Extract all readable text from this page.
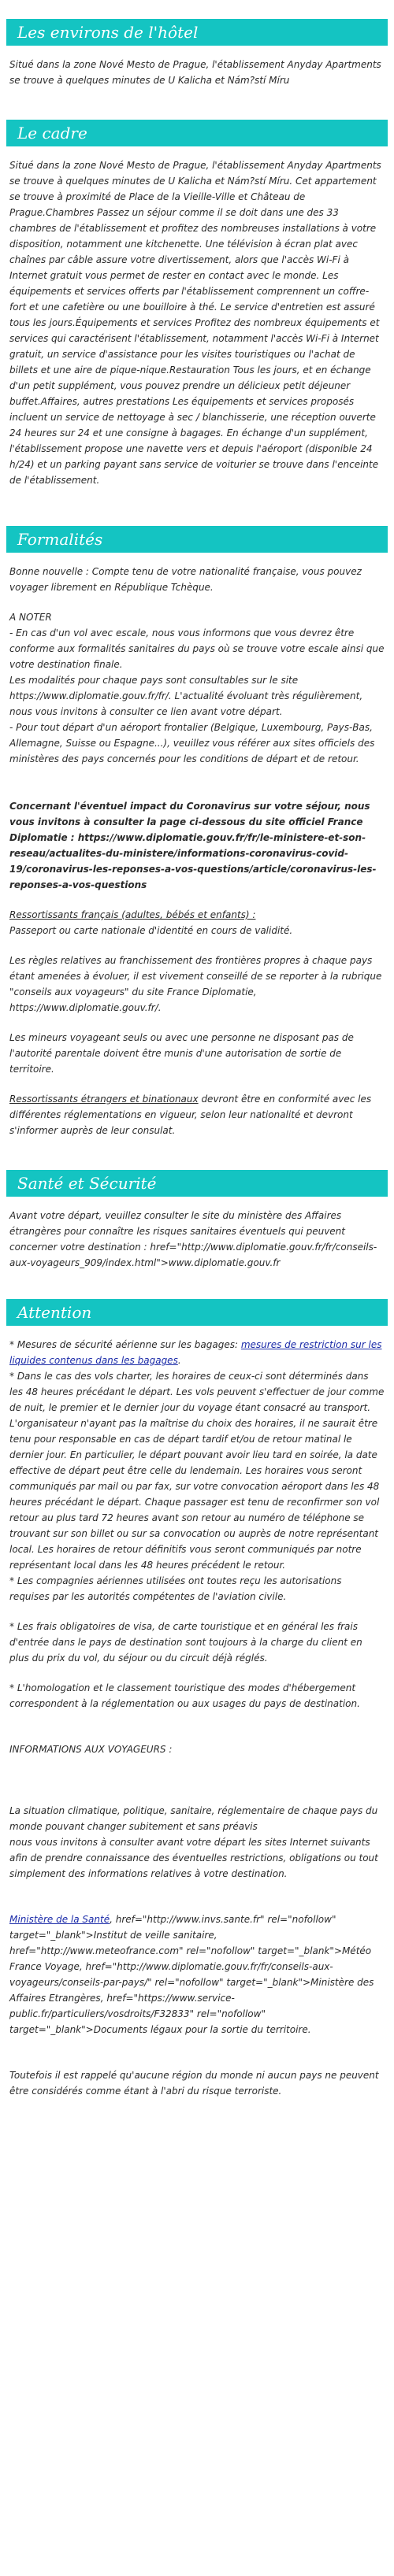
Les environs de l'hôtel

Situé dans la zone Nové Mesto de Prague, l'établissement Anyday Apartments se trouve à quelques minutes de U Kalicha et Nám?stí Míru

Le cadre

Situé dans la zone Nové Mesto de Prague, l'établissement Anyday Apartments se trouve à quelques minutes de U Kalicha et Nám?stí Míru. Cet appartement se trouve à proximité de Place de la Vieille-Ville et Château de Prague.Chambres Passez un séjour comme il se doit dans une des 33 chambres de l'établissement et profitez des nombreuses installations à votre disposition, notamment une kitchenette. Une télévision à écran plat avec chaînes par câble assure votre divertissement, alors que l'accès Wi-Fi à Internet gratuit vous permet de rester en contact avec le monde. Les équipements et services offerts par l'établissement comprennent un coffre-fort et une cafetière ou une bouilloire à thé. Le service d'entretien est assuré tous les jours.Équipements et services Profitez des nombreux équipements et services qui caractérisent l'établissement, notamment l'accès Wi-Fi à Internet gratuit, un service d'assistance pour les visites touristiques ou l'achat de billets et une aire de pique-nique.Restauration Tous les jours, et en échange d'un petit supplément, vous pouvez prendre un délicieux petit déjeuner buffet.Affaires, autres prestations Les équipements et services proposés incluent un service de nettoyage à sec / blanchisserie, une réception ouverte 24 heures sur 24 et une consigne à bagages. En échange d'un supplément, l'établissement propose une navette vers et depuis l'aéroport (disponible 24 h/24) et un parking payant sans service de voiturier se trouve dans l'enceinte de l'établissement.

Formalités

Bonne nouvelle : Compte tenu de votre nationalité française, vous pouvez voyager librement en République Tchèque.

A NOTER

- En cas d'un vol avec escale, nous vous informons que vous devrez être conforme aux formalités sanitaires du pays où se trouve votre escale ainsi que votre destination finale.

Les modalités pour chaque pays sont consultables sur le site https://www.diplomatie.gouv.fr/fr/. L'actualité évoluant très régulièrement, nous vous invitons à consulter ce lien avant votre départ.

- Pour tout départ d'un aéroport frontalier (Belgique, Luxembourg, Pays-Bas, Allemagne, Suisse ou Espagne...), veuillez vous référer aux sites officiels des ministères des pays concernés pour les conditions de départ et de retour.

Concernant l'éventuel impact du Coronavirus sur votre séjour, nous vous invitons à consulter la page ci-dessous du site officiel France Diplomatie : https://www.diplomatie.gouv.fr/fr/le-ministere-et-son-reseau/actualites-du-ministere/informations-coronavirus-covid-19/coronavirus-les-reponses-a-vos-questions/article/coronavirus-les-reponses-a-vos-questions

Ressortissants français (adultes, bébés et enfants) :

Passeport ou carte nationale d'identité en cours de validité.

Les règles relatives au franchissement des frontières propres à chaque pays étant amenées à évoluer, il est vivement conseillé de se reporter à la rubrique "conseils aux voyageurs" du site France Diplomatie, https://www.diplomatie.gouv.fr/.

Les mineurs voyageant seuls ou avec une personne ne disposant pas de l'autorité parentale doivent être munis d'une autorisation de sortie de territoire.

Ressortissants étrangers et binationaux devront être en conformité avec les différentes réglementations en vigueur, selon leur nationalité et devront s'informer auprès de leur consulat.

Santé et Sécurité

Avant votre départ, veuillez consulter le site du ministère des Affaires étrangères pour connaître les risques sanitaires éventuels qui peuvent concerner votre destination : href="http://www.diplomatie.gouv.fr/fr/conseils-aux-voyageurs_909/index.html">www.diplomatie.gouv.fr

Attention

* Mesures de sécurité aérienne sur les bagages: mesures de restriction sur les liquides contenus dans les bagages.

* Dans le cas des vols charter, les horaires de ceux-ci sont déterminés dans les 48 heures précédant le départ. Les vols peuvent s'effectuer de jour comme de nuit, le premier et le dernier jour du voyage étant consacré au transport. L'organisateur n'ayant pas la maîtrise du choix des horaires, il ne saurait être tenu pour responsable en cas de départ tardif et/ou de retour matinal le dernier jour. En particulier, le départ pouvant avoir lieu tard en soirée, la date effective de départ peut être celle du lendemain. Les horaires vous seront communiqués par mail ou par fax, sur votre convocation aéroport dans les 48 heures précédant le départ. Chaque passager est tenu de reconfirmer son vol retour au plus tard 72 heures avant son retour au numéro de téléphone se trouvant sur son billet ou sur sa convocation ou auprès de notre représentant local. Les horaires de retour définitifs vous seront communiqués par notre représentant local dans les 48 heures précédent le retour.

* Les compagnies aériennes utilisées ont toutes reçu les autorisations requises par les autorités compétentes de l'aviation civile.

* Les frais obligatoires de visa, de carte touristique et en général les frais d'entrée dans le pays de destination sont toujours à la charge du client en plus du prix du vol, du séjour ou du circuit déjà réglés.

* L'homologation et le classement touristique des modes d'hébergement correspondent à la réglementation ou aux usages du pays de destination.

INFORMATIONS AUX VOYAGEURS :

La situation climatique, politique, sanitaire, réglementaire de chaque pays du monde pouvant changer subitement et sans préavis

nous vous invitons à consulter avant votre départ les sites Internet suivants afin de prendre connaissance des éventuelles restrictions, obligations ou tout simplement des informations relatives à votre destination.

Ministère de la Santé, href="http://www.invs.sante.fr" rel="nofollow" target="_blank">Institut de veille sanitaire, href="http://www.meteofrance.com" rel="nofollow" target="_blank">Météo France Voyage, href="http://www.diplomatie.gouv.fr/fr/conseils-aux-voyageurs/conseils-par-pays/" rel="nofollow" target="_blank">Ministère des Affaires Etrangères, href="https://www.service-public.fr/particuliers/vosdroits/F32833" rel="nofollow" target="_blank">Documents légaux pour la sortie du territoire.

Toutefois il est rappelé qu'aucune région du monde ni aucun pays ne peuvent être considérés comme étant à l'abri du risque terroriste.
